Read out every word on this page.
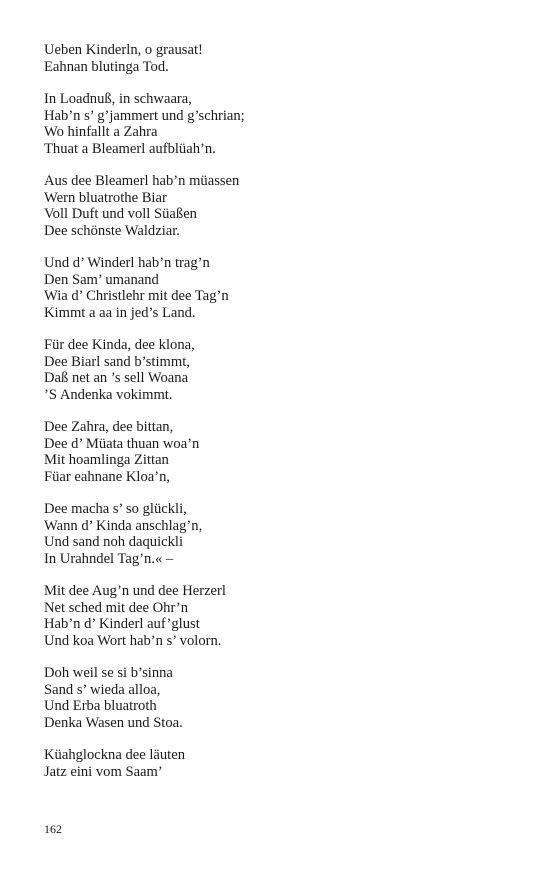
Ueben Kinderln, o grausat!
Eahnan blutinga Tod.
In Loadnuß, in schwaara,
Hab’n s’ g’jammert und g’schrian;
Wo hinfallt a Zahra
Thuat a Bleamerl aufblüah’n.
Aus dee Bleamerl hab’n müassen
Wern bluatrothe Biar
Voll Duft und voll Süaßen
Dee schönste Waldziar.
Und d’ Winderl hab’n trag’n
Den Sam’ umanand
Wia d’ Christlehr mit dee Tag’n
Kimmt a aa in jed’s Land.
Für dee Kinda, dee klona,
Dee Biarl sand b’stimmt,
Daß net an ’s sell Woana
’S Andenka vokimmt.
Dee Zahra, dee bittan,
Dee d’ Müata thuan woa’n
Mit hoamlinga Zittan
Füar eahnane Kloa’n,
Dee macha s’ so glückli,
Wann d’ Kinda anschlag’n,
Und sand noh daquickli
In Urahndel Tag’n.« –
Mit dee Aug’n und dee Herzerl
Net sched mit dee Ohr’n
Hab’n d’ Kinderl auf’glust
Und koa Wort hab’n s’ volorn.
Doh weil se si b’sinna
Sand s’ wieda alloa,
Und Erba bluatroth
Denka Wasen und Stoa.
Küahglockna dee läuten
Jatz eini vom Saam’
162
